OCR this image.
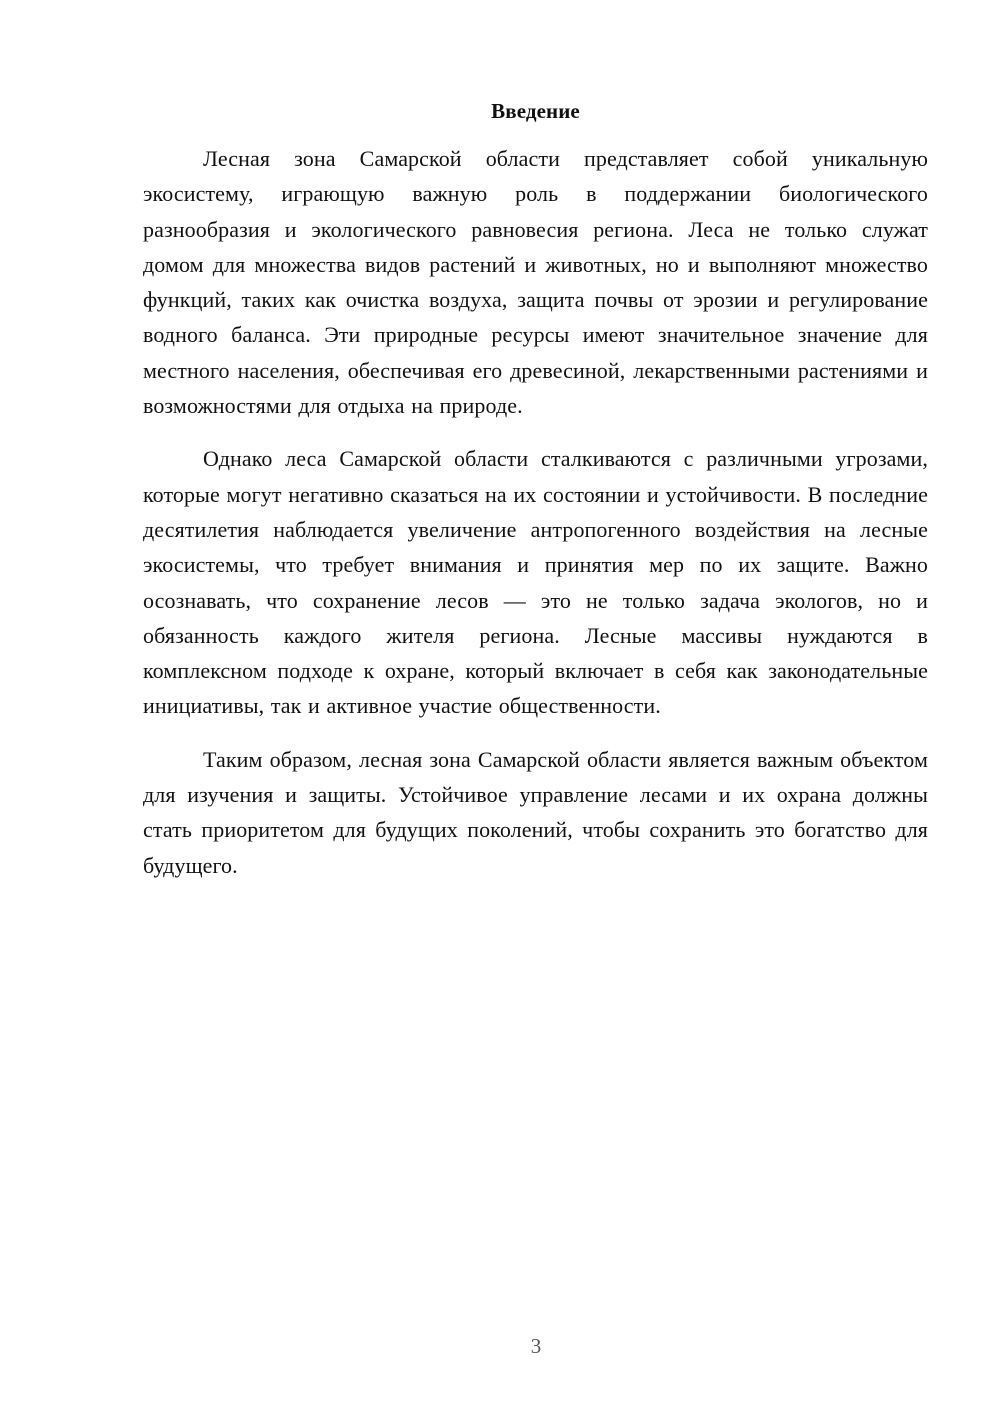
Введение

Лесная зона Самарской области представляет собой уникальную экосистему, играющую важную роль в поддержании биологического разнообразия и экологического равновесия региона. Леса не только служат домом для множества видов растений и животных, но и выполняют множество функций, таких как очистка воздуха, защита почвы от эрозии и регулирование водного баланса. Эти природные ресурсы имеют значительное значение для местного населения, обеспечивая его древесиной, лекарственными растениями и возможностями для отдыха на природе.

Однако леса Самарской области сталкиваются с различными угрозами, которые могут негативно сказаться на их состоянии и устойчивости. В последние десятилетия наблюдается увеличение антропогенного воздействия на лесные экосистемы, что требует внимания и принятия мер по их защите. Важно осознавать, что сохранение лесов — это не только задача экологов, но и обязанность каждого жителя региона. Лесные массивы нуждаются в комплексном подходе к охране, который включает в себя как законодательные инициативы, так и активное участие общественности.

Таким образом, лесная зона Самарской области является важным объектом для изучения и защиты. Устойчивое управление лесами и их охрана должны стать приоритетом для будущих поколений, чтобы сохранить это богатство для будущего.

3
